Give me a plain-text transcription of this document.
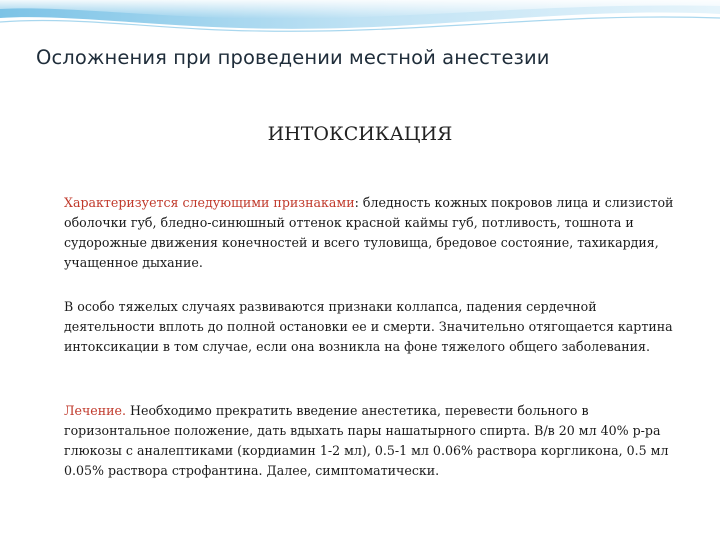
Осложнения при проведении местной анестезии
ИНТОКСИКАЦИЯ
Характеризуется следующими признаками: бледность кожных покровов лица и слизистой оболочки губ, бледно-синюшный оттенок красной каймы губ, потливость, тошнота и судорожные движения конечностей и всего туловища, бредовое состояние, тахикардия, учащенное дыхание.
В особо тяжелых случаях развиваются признаки коллапса, падения сердечной деятельности вплоть до полной остановки ее и смерти. Значительно отягощается картина интоксикации в том случае, если она возникла на фоне тяжелого общего заболевания.
Лечение. Необходимо прекратить введение анестетика, перевести больного в горизонтальное положение, дать вдыхать пары нашатырного спирта. В/в 20 мл 40% р-ра глюкозы с аналептиками (кордиамин 1-2 мл), 0.5-1 мл 0.06% раствора коргликона, 0.5 мл 0.05% раствора строфантина. Далее, симптоматически.
